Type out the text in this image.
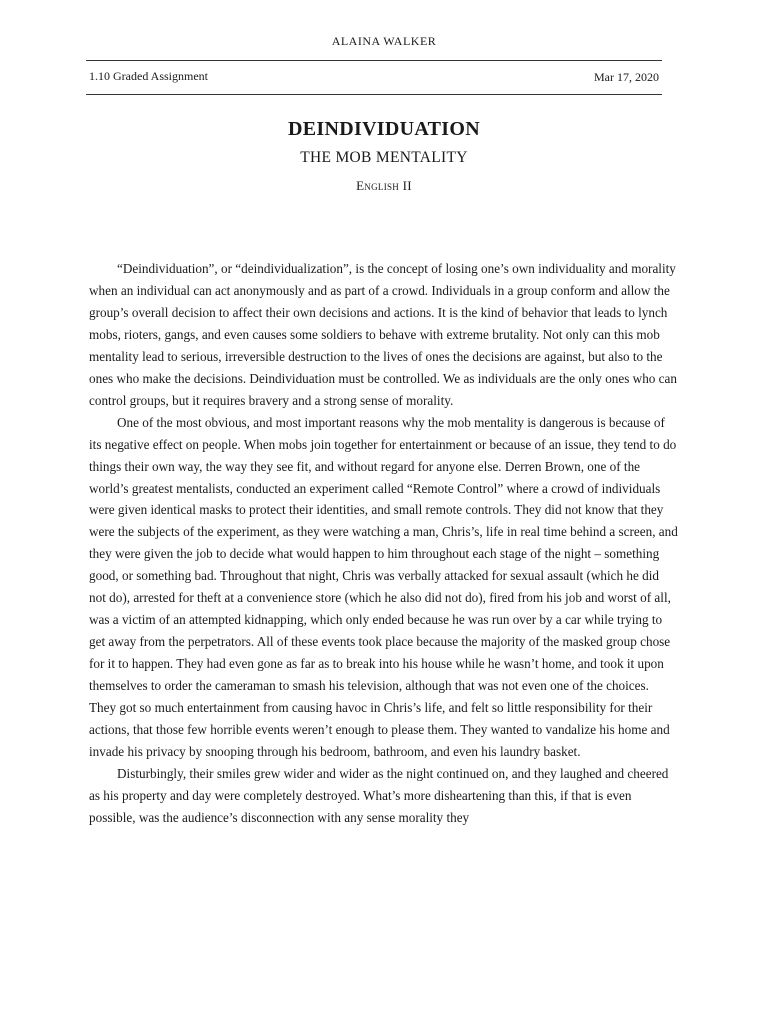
ALAINA WALKER
1.10 Graded Assignment	Mar 17, 2020
DEINDIVIDUATION
THE MOB MENTALITY
English II

“Deindividuation”, or “deindividualization”, is the concept of losing one’s own individuality and morality when an individual can act anonymously and as part of a crowd. Individuals in a group conform and allow the group’s overall decision to affect their own decisions and actions. It is the kind of behavior that leads to lynch mobs, rioters, gangs, and even causes some soldiers to behave with extreme brutality. Not only can this mob mentality lead to serious, irreversible destruction to the lives of ones the decisions are against, but also to the ones who make the decisions. Deindividuation must be controlled. We as individuals are the only ones who can control groups, but it requires bravery and a strong sense of morality.

One of the most obvious, and most important reasons why the mob mentality is dangerous is because of its negative effect on people. When mobs join together for entertainment or because of an issue, they tend to do things their own way, the way they see fit, and without regard for anyone else. Derren Brown, one of the world’s greatest mentalists, conducted an experiment called “Remote Control” where a crowd of individuals were given identical masks to protect their identities, and small remote controls. They did not know that they were the subjects of the experiment, as they were watching a man, Chris’s, life in real time behind a screen, and they were given the job to decide what would happen to him throughout each stage of the night – something good, or something bad. Throughout that night, Chris was verbally attacked for sexual assault (which he did not do), arrested for theft at a convenience store (which he also did not do), fired from his job and worst of all, was a victim of an attempted kidnapping, which only ended because he was run over by a car while trying to get away from the perpetrators. All of these events took place because the majority of the masked group chose for it to happen. They had even gone as far as to break into his house while he wasn’t home, and took it upon themselves to order the cameraman to smash his television, although that was not even one of the choices. They got so much entertainment from causing havoc in Chris’s life, and felt so little responsibility for their actions, that those few horrible events weren’t enough to please them. They wanted to vandalize his home and invade his privacy by snooping through his bedroom, bathroom, and even his laundry basket.

Disturbingly, their smiles grew wider and wider as the night continued on, and they laughed and cheered as his property and day were completely destroyed. What’s more disheartening than this, if that is even possible, was the audience’s disconnection with any sense morality they
